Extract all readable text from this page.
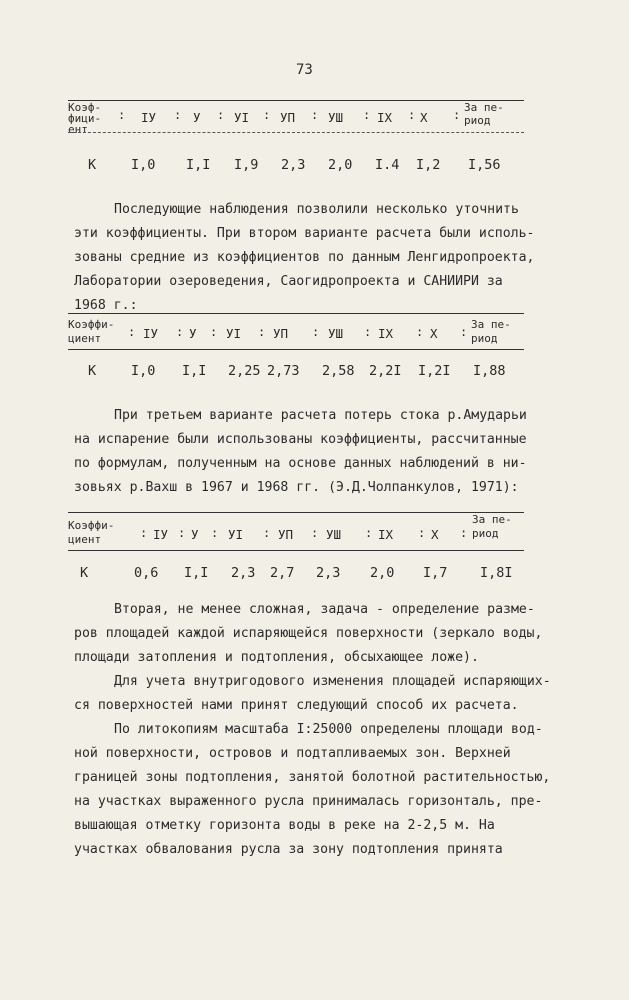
73
Коэф-
фици-
ент
IУ	У	УI УП	УШ	IХ Х
За пе-
риод
:	:	:	:	:	:	:	:
К	I,0 I,I I,9 2,3 2,0 I.4 I,2 I,56
Последующие наблюдения позволили несколько уточнить
эти коэффициенты. При втором варианте расчета были исполь-
зованы средние из коэффициентов по данным Ленгидропроекта,
Лаборатории озероведения, Саогидропроекта и САНИИРИ за
1968 г.:
Коэффи-
циент	IУ У УI	УП	УШ	IХ	Х
За пе-
риод
:	: :	:	:	:	:	:
К	I,0 I,I 2,25 2,73 2,58 2,2I I,2I I,88
При третьем варианте расчета потерь стока р.Амударьи
на испарение были использованы коэффициенты, рассчитанные
по формулам, полученным на основе данных наблюдений в ни-
зовьях р.Вахш в 1967 и 1968 гг. (Э.Д.Чолпанкулов, 1971):
Коэффи-
циент	IУ У УI	УП	УШ	IХ	Х
За пе-
риод
:	: :	:	:	:	:	:
К	0,6 I,I 2,3 2,7 2,3 2,0 I,7 I,8I
Вторая, не менее сложная, задача - определение разме-
ров площадей каждой испаряющейся поверхности (зеркало воды,
площади затопления и подтопления, обсыхающее ложе).
Для учета внутригодового изменения площадей испаряющих-
ся поверхностей нами принят следующий способ их расчета.
По литокопиям масштаба I:25000 определены площади вод-
ной поверхности, островов и подтапливаемых зон. Верхней
границей зоны подтопления, занятой болотной растительностью,
на участках выраженного русла принималась горизонталь, пре-
вышающая отметку горизонта воды в реке на 2-2,5 м. На
участках обвалования русла за зону подтопления принята
